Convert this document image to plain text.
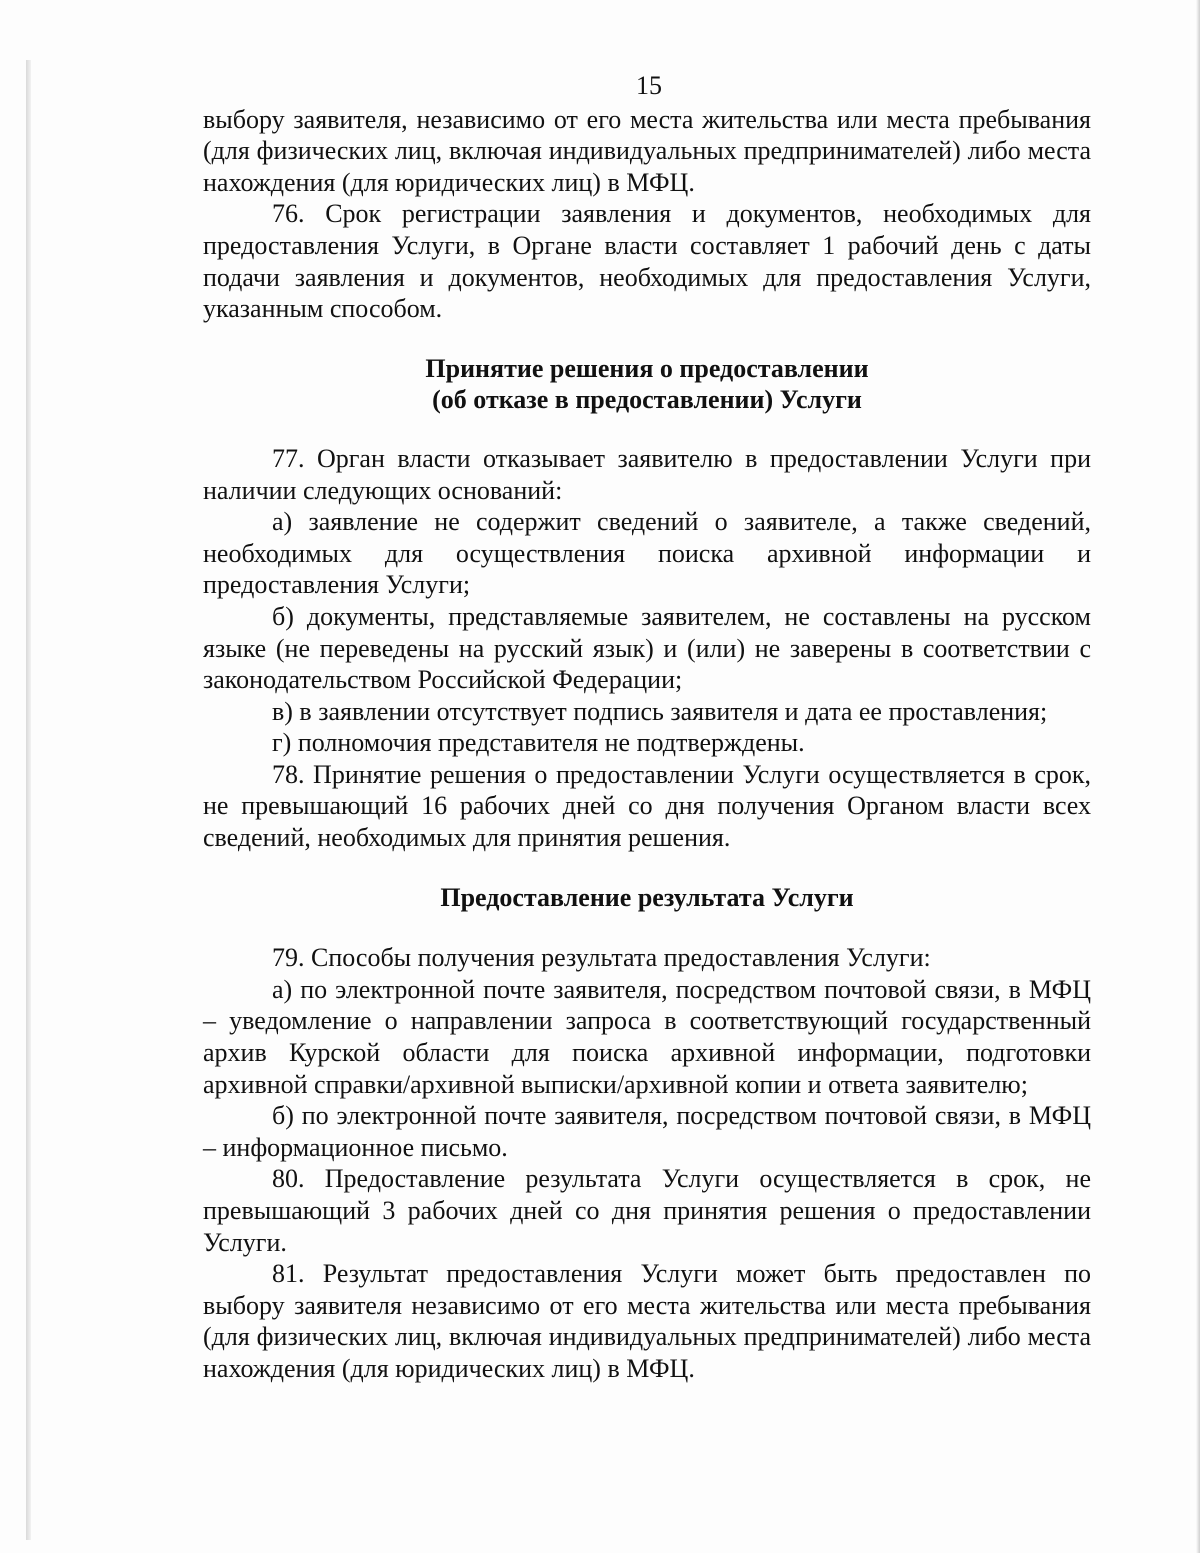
15

выбору заявителя, независимо от его места жительства или места пребывания (для физических лиц, включая индивидуальных предпринимателей) либо места нахождения (для юридических лиц) в МФЦ.

76. Срок регистрации заявления и документов, необходимых для предоставления Услуги, в Органе власти составляет 1 рабочий день с даты подачи заявления и документов, необходимых для предоставления Услуги, указанным способом.

Принятие решения о предоставлении
(об отказе в предоставлении) Услуги

77. Орган власти отказывает заявителю в предоставлении Услуги при наличии следующих оснований:

а) заявление не содержит сведений о заявителе, а также сведений, необходимых для осуществления поиска архивной информации и предоставления Услуги;

б) документы, представляемые заявителем, не составлены на русском языке (не переведены на русский язык) и (или) не заверены в соответствии с законодательством Российской Федерации;

в) в заявлении отсутствует подпись заявителя и дата ее проставления;

г) полномочия представителя не подтверждены.

78. Принятие решения о предоставлении Услуги осуществляется в срок, не превышающий 16 рабочих дней со дня получения Органом власти всех сведений, необходимых для принятия решения.

Предоставление результата Услуги

79. Способы получения результата предоставления Услуги:

а) по электронной почте заявителя, посредством почтовой связи, в МФЦ – уведомление о направлении запроса в соответствующий государственный архив Курской области для поиска архивной информации, подготовки архивной справки/архивной выписки/архивной копии и ответа заявителю;

б) по электронной почте заявителя, посредством почтовой связи, в МФЦ – информационное письмо.

80. Предоставление результата Услуги осуществляется в срок, не превышающий 3 рабочих дней со дня принятия решения о предоставлении Услуги.

81. Результат предоставления Услуги может быть предоставлен по выбору заявителя независимо от его места жительства или места пребывания (для физических лиц, включая индивидуальных предпринимателей) либо места нахождения (для юридических лиц) в МФЦ.
